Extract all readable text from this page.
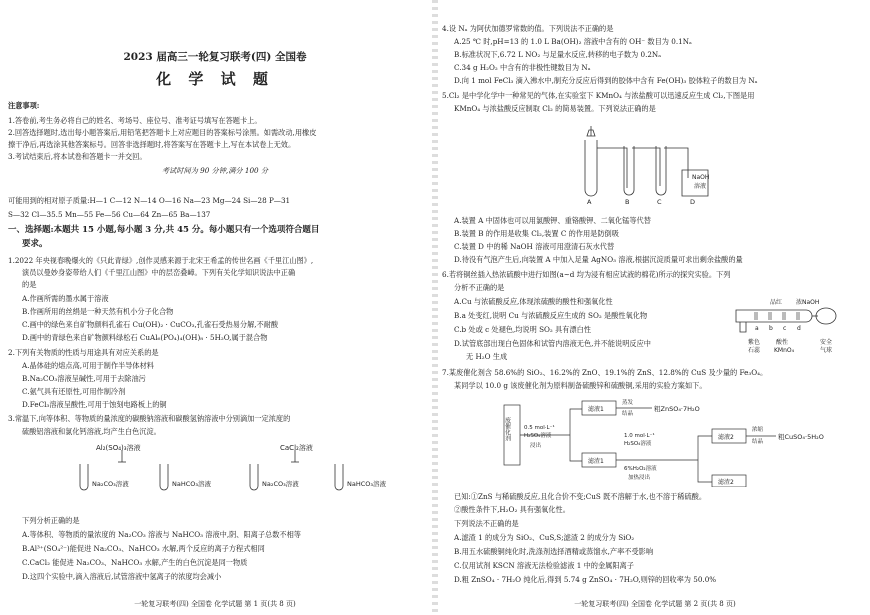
2023 届高三一轮复习联考(四) 全国卷
化 学 试 题
注意事项:
1.答卷前,考生务必将自己的姓名、考场号、座位号、准考证号填写在答题卡上。
2.回答选择题时,选出每小题答案后,用铅笔把答题卡上对应题目的答案标号涂黑。如需改动,用橡皮
擦干净后,再选涂其他答案标号。回答非选择题时,将答案写在答题卡上,写在本试卷上无效。
3.考试结束后,将本试卷和答题卡一并交回。
考试时间为 90 分钟,满分 100 分
可能用到的相对原子质量:H—1 C—12 N—14 O—16 Na—23 Mg—24 Si—28 P—31
S—32 Cl—35.5 Mn—55 Fe—56 Cu—64 Zn—65 Ba—137
一、选择题:本题共 15 小题,每小题 3 分,共 45 分。每小题只有一个选项符合题目
要求。
1.2022 年央视春晚爆火的《只此青绿》,创作灵感来源于北宋王希孟的传世名画《千里江山图》,
演员以曼妙身姿带给人们《千里江山图》中的层峦叠嶂。下列有关化学知识说法中正确
的是
A.作画所需的墨水属于溶液
B.作画所用的丝绢是一种天然有机小分子化合物
C.画中的绿色来自矿物颜料孔雀石 Cu(OH)₂ · CuCO₃,孔雀石受热易分解,不耐酸
D.画中的青绿色来自矿物颜料绿松石 CuAl₆(PO₄)₄(OH)₈ · 5H₂O,属于混合物
2.下列有关物质的性质与用途具有对应关系的是
A.晶体硅的熔点高,可用于制作半导体材料
B.Na₂CO₃溶液呈碱性,可用于去除油污
C.氨气具有还原性,可用作制冷剂
D.FeCl₃溶液呈酸性,可用于蚀刻电路板上的铜
3.常温下,向等体积、等物质的量浓度的碳酸钠溶液和碳酸氢钠溶液中分别滴加一定浓度的
硫酸铝溶液和氯化钙溶液,均产生白色沉淀。
Al₂(SO₄)₃溶液	CaCl₂溶液
Na₂CO₃溶液	NaHCO₃溶液	Na₂CO₃溶液	NaHCO₃溶液
下列分析正确的是
A.等体积、等物质的量浓度的 Na₂CO₃ 溶液与 NaHCO₃ 溶液中,阴、阳离子总数不相等
B.Al³⁺(SO₄²⁻)能促进 Na₂CO₃、NaHCO₃ 水解,两个反应的离子方程式相同
C.CaCl₂ 能促进 Na₂CO₃、NaHCO₃ 水解,产生的白色沉淀是同一物质
D.这四个实验中,滴入溶液后,试管溶液中氢离子的浓度均会减小
一轮复习联考(四) 全国卷 化学试题 第 1 页(共 8 页)
4.设 Nₐ 为阿伏加德罗常数的值。下列说法不正确的是
A.25 ℃ 时,pH=13 的 1.0 L Ba(OH)₂ 溶液中含有的 OH⁻ 数目为 0.1Nₐ
B.标准状况下,6.72 L NO₂ 与足量水反应,转移的电子数为 0.2Nₐ
C.34 g H₂O₂ 中含有的非极性键数目为 Nₐ
D.向 1 mol FeCl₃ 滴入沸水中,制充分反应后得到的胶体中含有 Fe(OH)₃ 胶体粒子的数目为 Nₐ
5.Cl₂ 是中学化学中一种常见的气体,在实验室下 KMnO₄ 与浓盐酸可以迅速反应生成 Cl₂,下图是用
KMnO₄ 与浓盐酸反应制取 Cl₂ 的简易装置。下列说法正确的是
A	B	C	D
NaOH
溶液
A.装置 A 中固体也可以用氯酸钾、重铬酸钾、二氧化锰等代替
B.装置 B 的作用是收集 Cl₂,装置 C 的作用是防倒吸
C.装置 D 中的稀 NaOH 溶液可用澄清石灰水代替
D.待没有气泡产生后,向装置 A 中加入足量 AgNO₃ 溶液,根据沉淀质量可求出剩余盐酸的量
6.若将铜丝插入热浓硫酸中进行如图(a~d 均为浸有相应试液的棉花)所示的探究实验。下列
分析不正确的是
A.Cu 与浓硫酸反应,体现浓硫酸的酸性和强氧化性
B.a 处变红,说明 Cu 与浓硫酸反应生成的 SO₂ 是酸性氧化物
C.b 处或 c 处褪色,均说明 SO₂ 具有漂白性
D.试管底部出现白色固体和试管内溶液无色,并不能说明反应中
无 H₂O 生成
品红 浓NaOH
a b c d
紫色
石蕊
酸性
KMnO₄
安全
气球
7.某废催化剂含 58.6%的 SiO₂、16.2%的 ZnO、19.1%的 ZnS、12.8%的 CuS 及少量的 Fe₃O₄。
某同学以 10.0 g 该废催化剂为原料制备硫酸锌和硫酸铜,采用的实验方案如下。
废催化剂 0.5 mol·L⁻¹
H₂SO₄溶液
浸出
滤液1
蒸发
结晶
粗ZnSO₄·7H₂O
滤渣1
1.0 mol·L⁻¹
H₂SO₄溶液
6%H₂O₂溶液
加热浸出
滤液2
滤渣2
浓缩
结晶
粗CuSO₄·5H₂O
已知:①ZnS 与稀硫酸反应,且化合价不变;CuS 既不溶解于水,也不溶于稀硫酸。
②酸性条件下,H₂O₂ 具有强氧化性。
下列说法不正确的是
A.滤渣 1 的成分为 SiO₂、CuS,S;滤渣 2 的成分为 SiO₂
B.用五水硫酸铜纯化时,洗涤剂选择酒精或蒸馏水,产率不受影响
C.仅用试剂 KSCN 溶液无法检验滤液 1 中的金属阳离子
D.粗 ZnSO₄ · 7H₂O 纯化后,得到 5.74 g ZnSO₄ · 7H₂O,则锌的回收率为 50.0%
一轮复习联考(四) 全国卷 化学试题 第 2 页(共 8 页)
